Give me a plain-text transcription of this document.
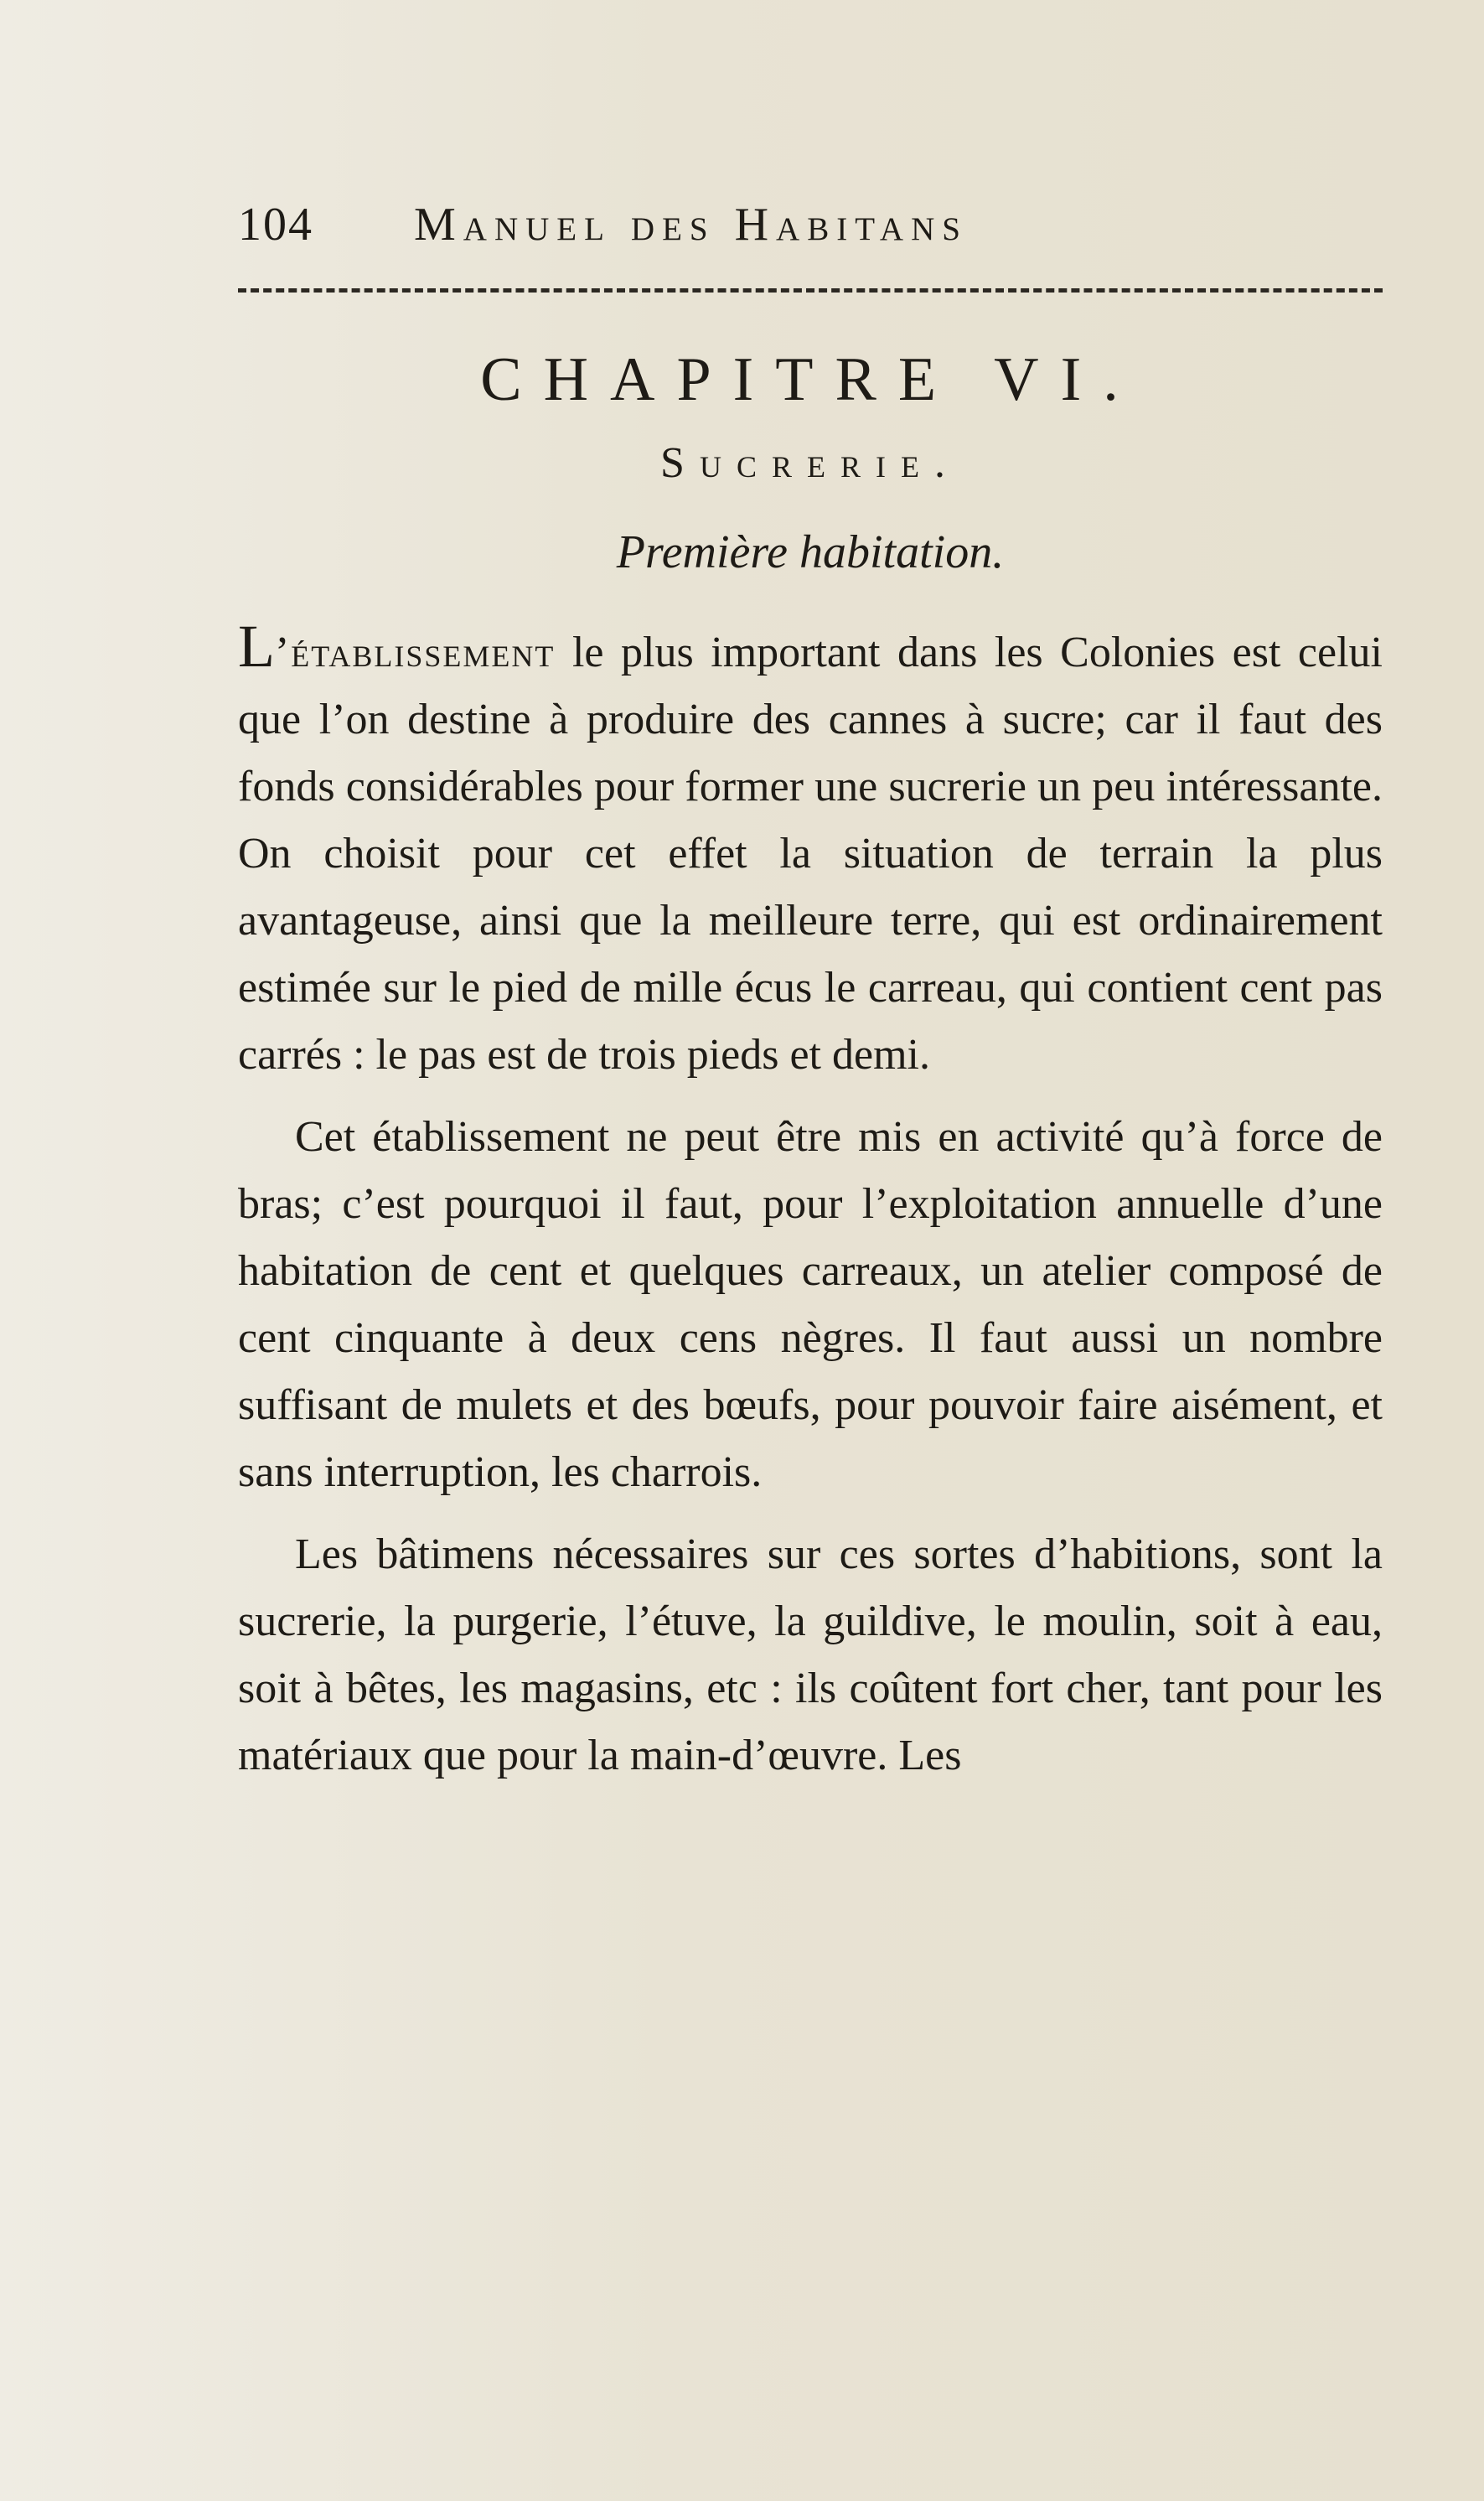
104	Manuel des Habitans
CHAPITRE VI.
Sucrerie.
Première habitation.

L’établissement le plus important dans les Colonies est celui que l’on destine à produire des cannes à sucre; car il faut des fonds considérables pour former une sucrerie un peu intéressante. On choisit pour cet effet la situation de terrain la plus avantageuse, ainsi que la meilleure terre, qui est ordinairement estimée sur le pied de mille écus le carreau, qui contient cent pas carrés : le pas est de trois pieds et demi.

Cet établissement ne peut être mis en activité qu’à force de bras; c’est pourquoi il faut, pour l’exploitation annuelle d’une habitation de cent et quelques carreaux, un atelier composé de cent cinquante à deux cens nègres. Il faut aussi un nombre suffisant de mulets et des bœufs, pour pouvoir faire aisément, et sans interruption, les charrois.

Les bâtimens nécessaires sur ces sortes d’habitions, sont la sucrerie, la purgerie, l’étuve, la guildive, le moulin, soit à eau, soit à bêtes, les magasins, etc : ils coûtent fort cher, tant pour les matériaux que pour la main-d’œuvre. Les
